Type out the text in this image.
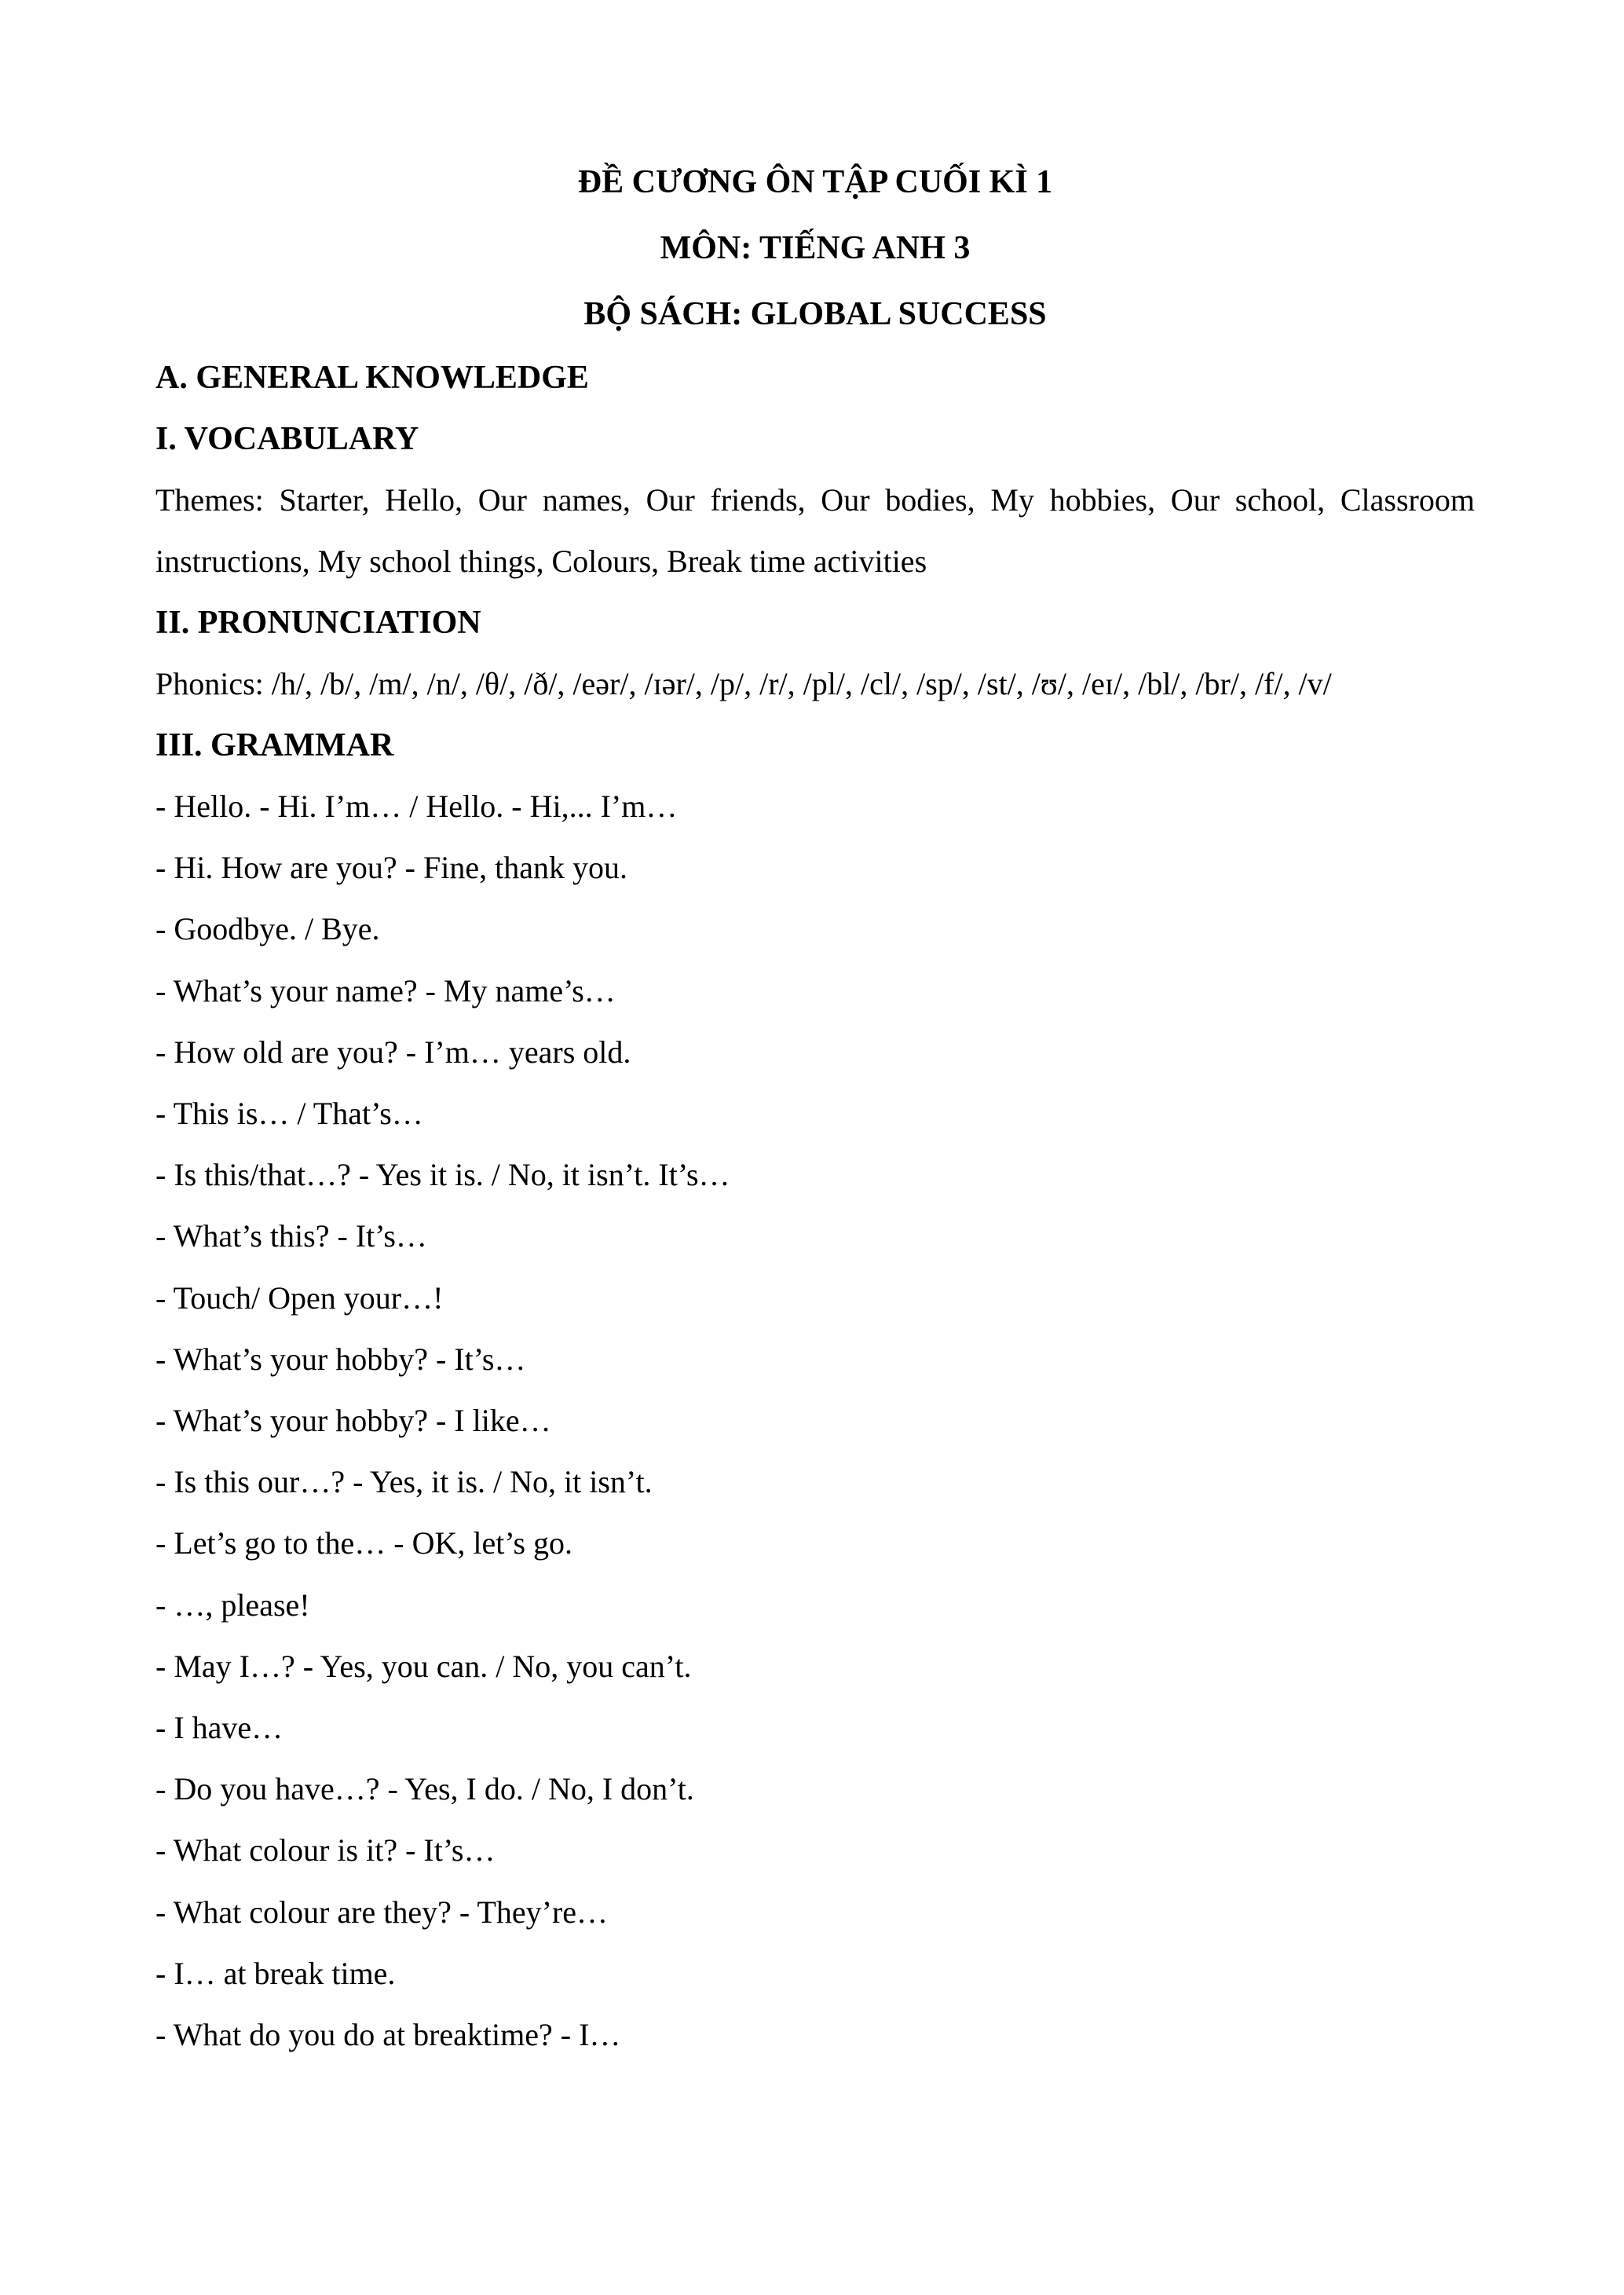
ĐỀ CƯƠNG ÔN TẬP CUỐI KÌ 1
MÔN: TIẾNG ANH 3
BỘ SÁCH: GLOBAL SUCCESS

A. GENERAL KNOWLEDGE

I. VOCABULARY

Themes: Starter, Hello, Our names, Our friends, Our bodies, My hobbies, Our school, Classroom instructions, My school things, Colours, Break time activities

II. PRONUNCIATION

Phonics: /h/, /b/, /m/, /n/, /θ/, /ð/, /eər/, /ɪər/, /p/, /r/, /pl/, /cl/, /sp/, /st/, /ʊ/, /eɪ/, /bl/, /br/, /f/, /v/

III. GRAMMAR

- Hello. - Hi. I’m… / Hello. - Hi,... I’m…
- Hi. How are you? - Fine, thank you.
- Goodbye. / Bye.
- What’s your name? - My name’s…
- How old are you? - I’m… years old.
- This is… / That’s…
- Is this/that…? - Yes it is. / No, it isn’t. It’s…
- What’s this? - It’s…
- Touch/ Open your…!
- What’s your hobby? - It’s…
- What’s your hobby? - I like…
- Is this our…? - Yes, it is. / No, it isn’t.
- Let’s go to the… - OK, let’s go.
- …, please!
- May I…? - Yes, you can. / No, you can’t.
- I have…
- Do you have…? - Yes, I do. / No, I don’t.
- What colour is it? - It’s…
- What colour are they? - They’re…
- I… at break time.
- What do you do at breaktime? - I…
